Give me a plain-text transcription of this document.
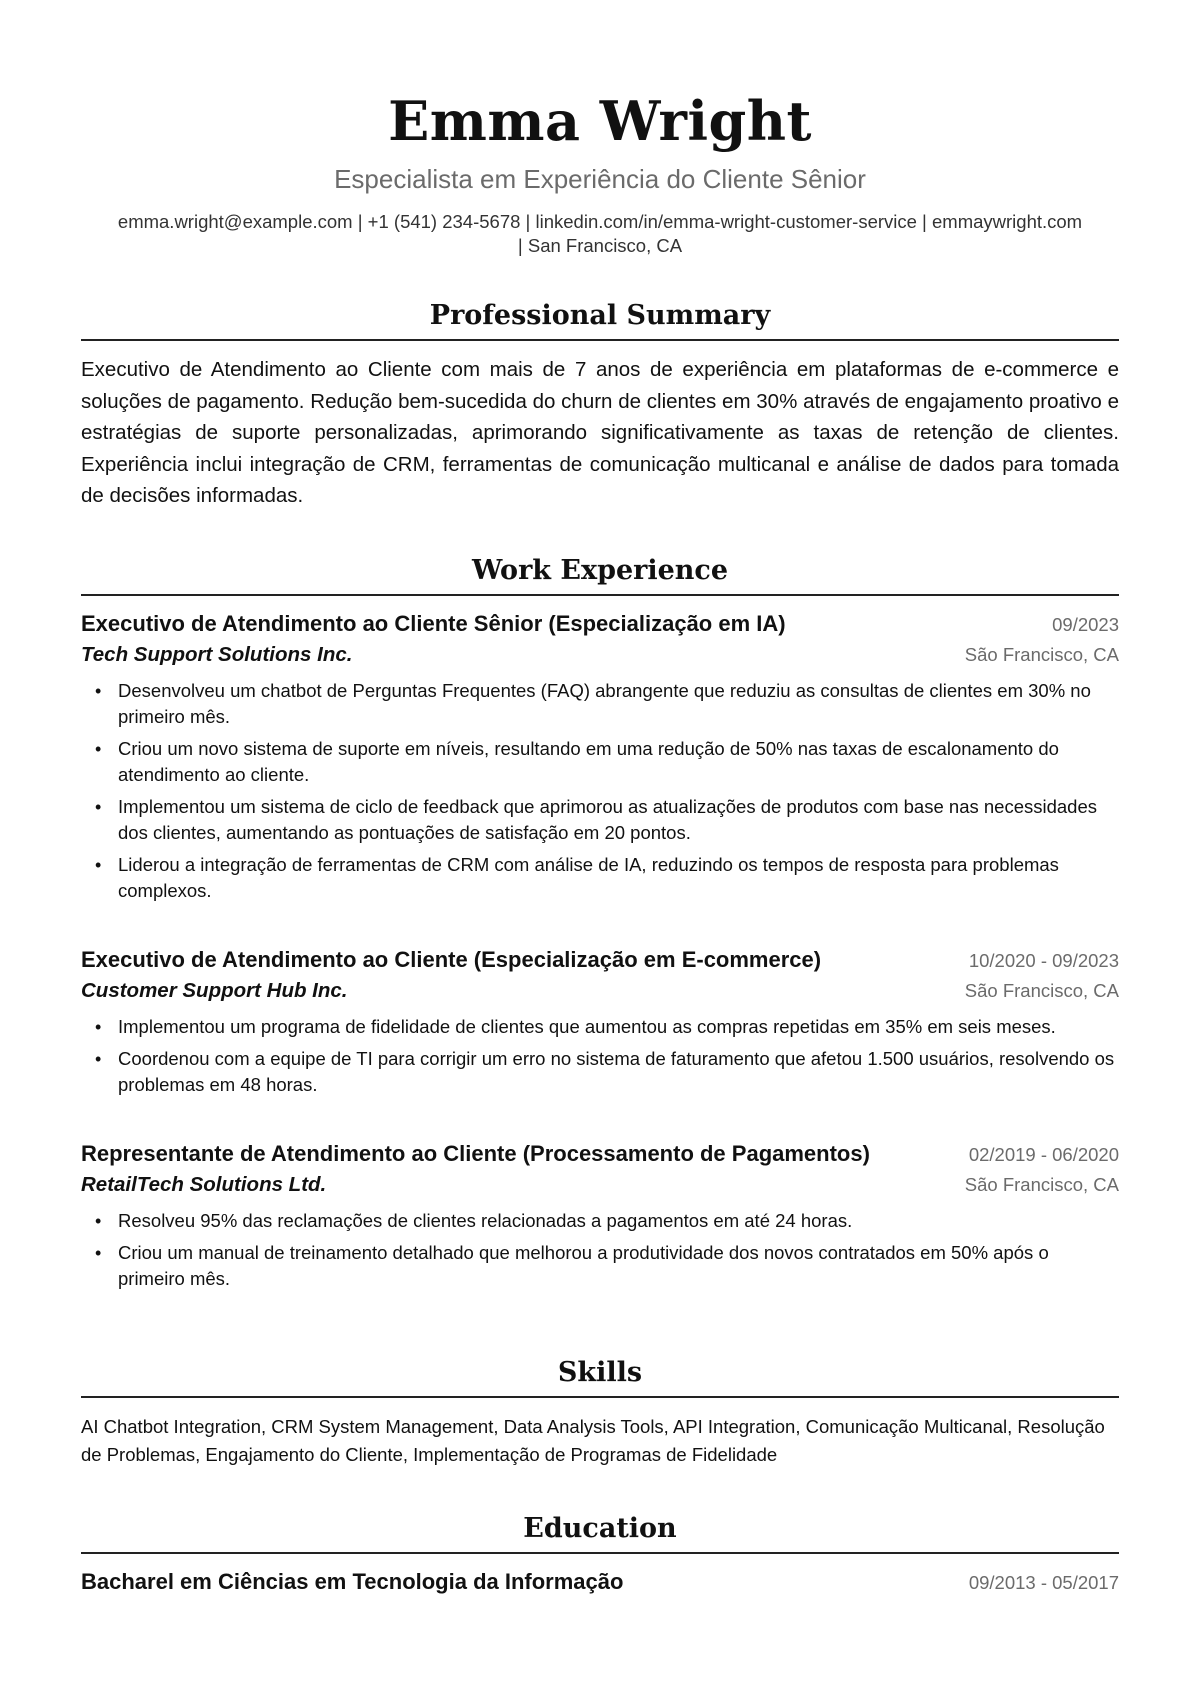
Emma Wright
Especialista em Experiência do Cliente Sênior
emma.wright@example.com | +1 (541) 234-5678 | linkedin.com/in/emma-wright-customer-service | emmaywright.com
| San Francisco, CA
Professional Summary
Executivo de Atendimento ao Cliente com mais de 7 anos de experiência em plataformas de e-commerce e soluções de pagamento. Redução bem-sucedida do churn de clientes em 30% através de engajamento proativo e estratégias de suporte personalizadas, aprimorando significativamente as taxas de retenção de clientes. Experiência inclui integração de CRM, ferramentas de comunicação multicanal e análise de dados para tomada de decisões informadas.
Work Experience
Executivo de Atendimento ao Cliente Sênior (Especialização em IA)	09/2023
Tech Support Solutions Inc.	São Francisco, CA
• Desenvolveu um chatbot de Perguntas Frequentes (FAQ) abrangente que reduziu as consultas de clientes em 30% no primeiro mês.
• Criou um novo sistema de suporte em níveis, resultando em uma redução de 50% nas taxas de escalonamento do atendimento ao cliente.
• Implementou um sistema de ciclo de feedback que aprimorou as atualizações de produtos com base nas necessidades dos clientes, aumentando as pontuações de satisfação em 20 pontos.
• Liderou a integração de ferramentas de CRM com análise de IA, reduzindo os tempos de resposta para problemas complexos.
Executivo de Atendimento ao Cliente (Especialização em E-commerce)	10/2020 - 09/2023
Customer Support Hub Inc.	São Francisco, CA
• Implementou um programa de fidelidade de clientes que aumentou as compras repetidas em 35% em seis meses.
• Coordenou com a equipe de TI para corrigir um erro no sistema de faturamento que afetou 1.500 usuários, resolvendo os problemas em 48 horas.
Representante de Atendimento ao Cliente (Processamento de Pagamentos)	02/2019 - 06/2020
RetailTech Solutions Ltd.	São Francisco, CA
• Resolveu 95% das reclamações de clientes relacionadas a pagamentos em até 24 horas.
• Criou um manual de treinamento detalhado que melhorou a produtividade dos novos contratados em 50% após o primeiro mês.
Skills
AI Chatbot Integration, CRM System Management, Data Analysis Tools, API Integration, Comunicação Multicanal, Resolução de Problemas, Engajamento do Cliente, Implementação de Programas de Fidelidade
Education
Bacharel em Ciências em Tecnologia da Informação	09/2013 - 05/2017
